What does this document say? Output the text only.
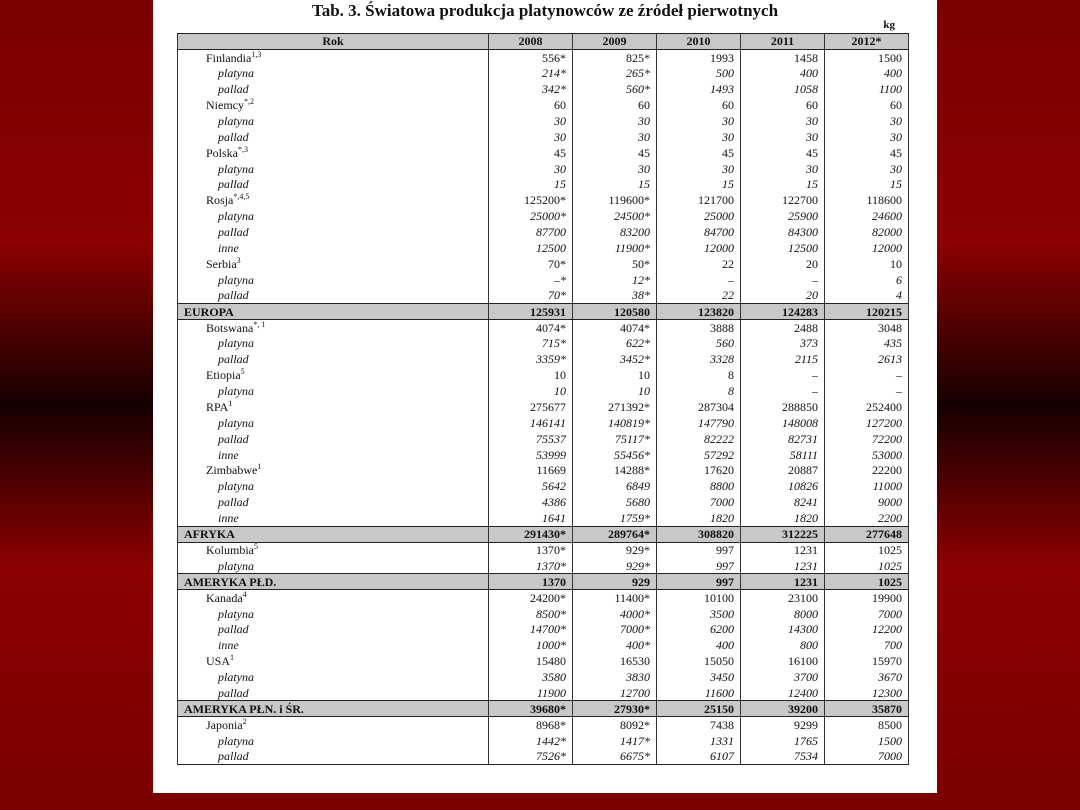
Tab. 3. Światowa produkcja platynowców ze źródeł pierwotnych
kg
Rok	2008	2009	2010	2011	2012*
Finlandia$^{1,3}$	556*	825*	1993	1458	1500
platyna	214*	265*	500	400	400
pallad	342*	560*	1493	1058	1100
Niemcy$^{*,2}$	60	60	60	60	60
platyna	30	30	30	30	30
pallad	30	30	30	30	30
Polska$^{*,3}$	45	45	45	45	45
platyna	30	30	30	30	30
pallad	15	15	15	15	15
Rosja$^{*,4,5}$	125200*	119600*	121700	122700	118600
platyna	25000*	24500*	25000	25900	24600
pallad	87700	83200	84700	84300	82000
inne	12500	11900*	12000	12500	12000
Serbia$^3$	70*	50*	22	20	10
platyna	–*	12*	–	–	6
pallad	70*	38*	22	20	4
EUROPA	125931	120580	123820	124283	120215
Botswana$^{*, 1}$	4074*	4074*	3888	2488	3048
platyna	715*	622*	560	373	435
pallad	3359*	3452*	3328	2115	2613
Etiopia$^5$	10	10	8	–	–
platyna	10	10	8	–	–
RPA$^1$	275677	271392*	287304	288850	252400
platyna	146141	140819*	147790	148008	127200
pallad	75537	75117*	82222	82731	72200
inne	53999	55456*	57292	58111	53000
Zimbabwe$^1$	11669	14288*	17620	20887	22200
platyna	5642	6849	8800	10826	11000
pallad	4386	5680	7000	8241	9000
inne	1641	1759*	1820	1820	2200
AFRYKA	291430*	289764*	308820	312225	277648
Kolumbia$^5$	1370*	929*	997	1231	1025
platyna	1370*	929*	997	1231	1025
AMERYKA PŁD.	1370	929	997	1231	1025
Kanada$^4$	24200*	11400*	10100	23100	19900
platyna	8500*	4000*	3500	8000	7000
pallad	14700*	7000*	6200	14300	12200
inne	1000*	400*	400	800	700
USA$^1$	15480	16530	15050	16100	15970
platyna	3580	3830	3450	3700	3670
pallad	11900	12700	11600	12400	12300
AMERYKA PŁN. i ŚR.	39680*	27930*	25150	39200	35870
Japonia$^2$	8968*	8092*	7438	9299	8500
platyna	1442*	1417*	1331	1765	1500
pallad	7526*	6675*	6107	7534	7000
